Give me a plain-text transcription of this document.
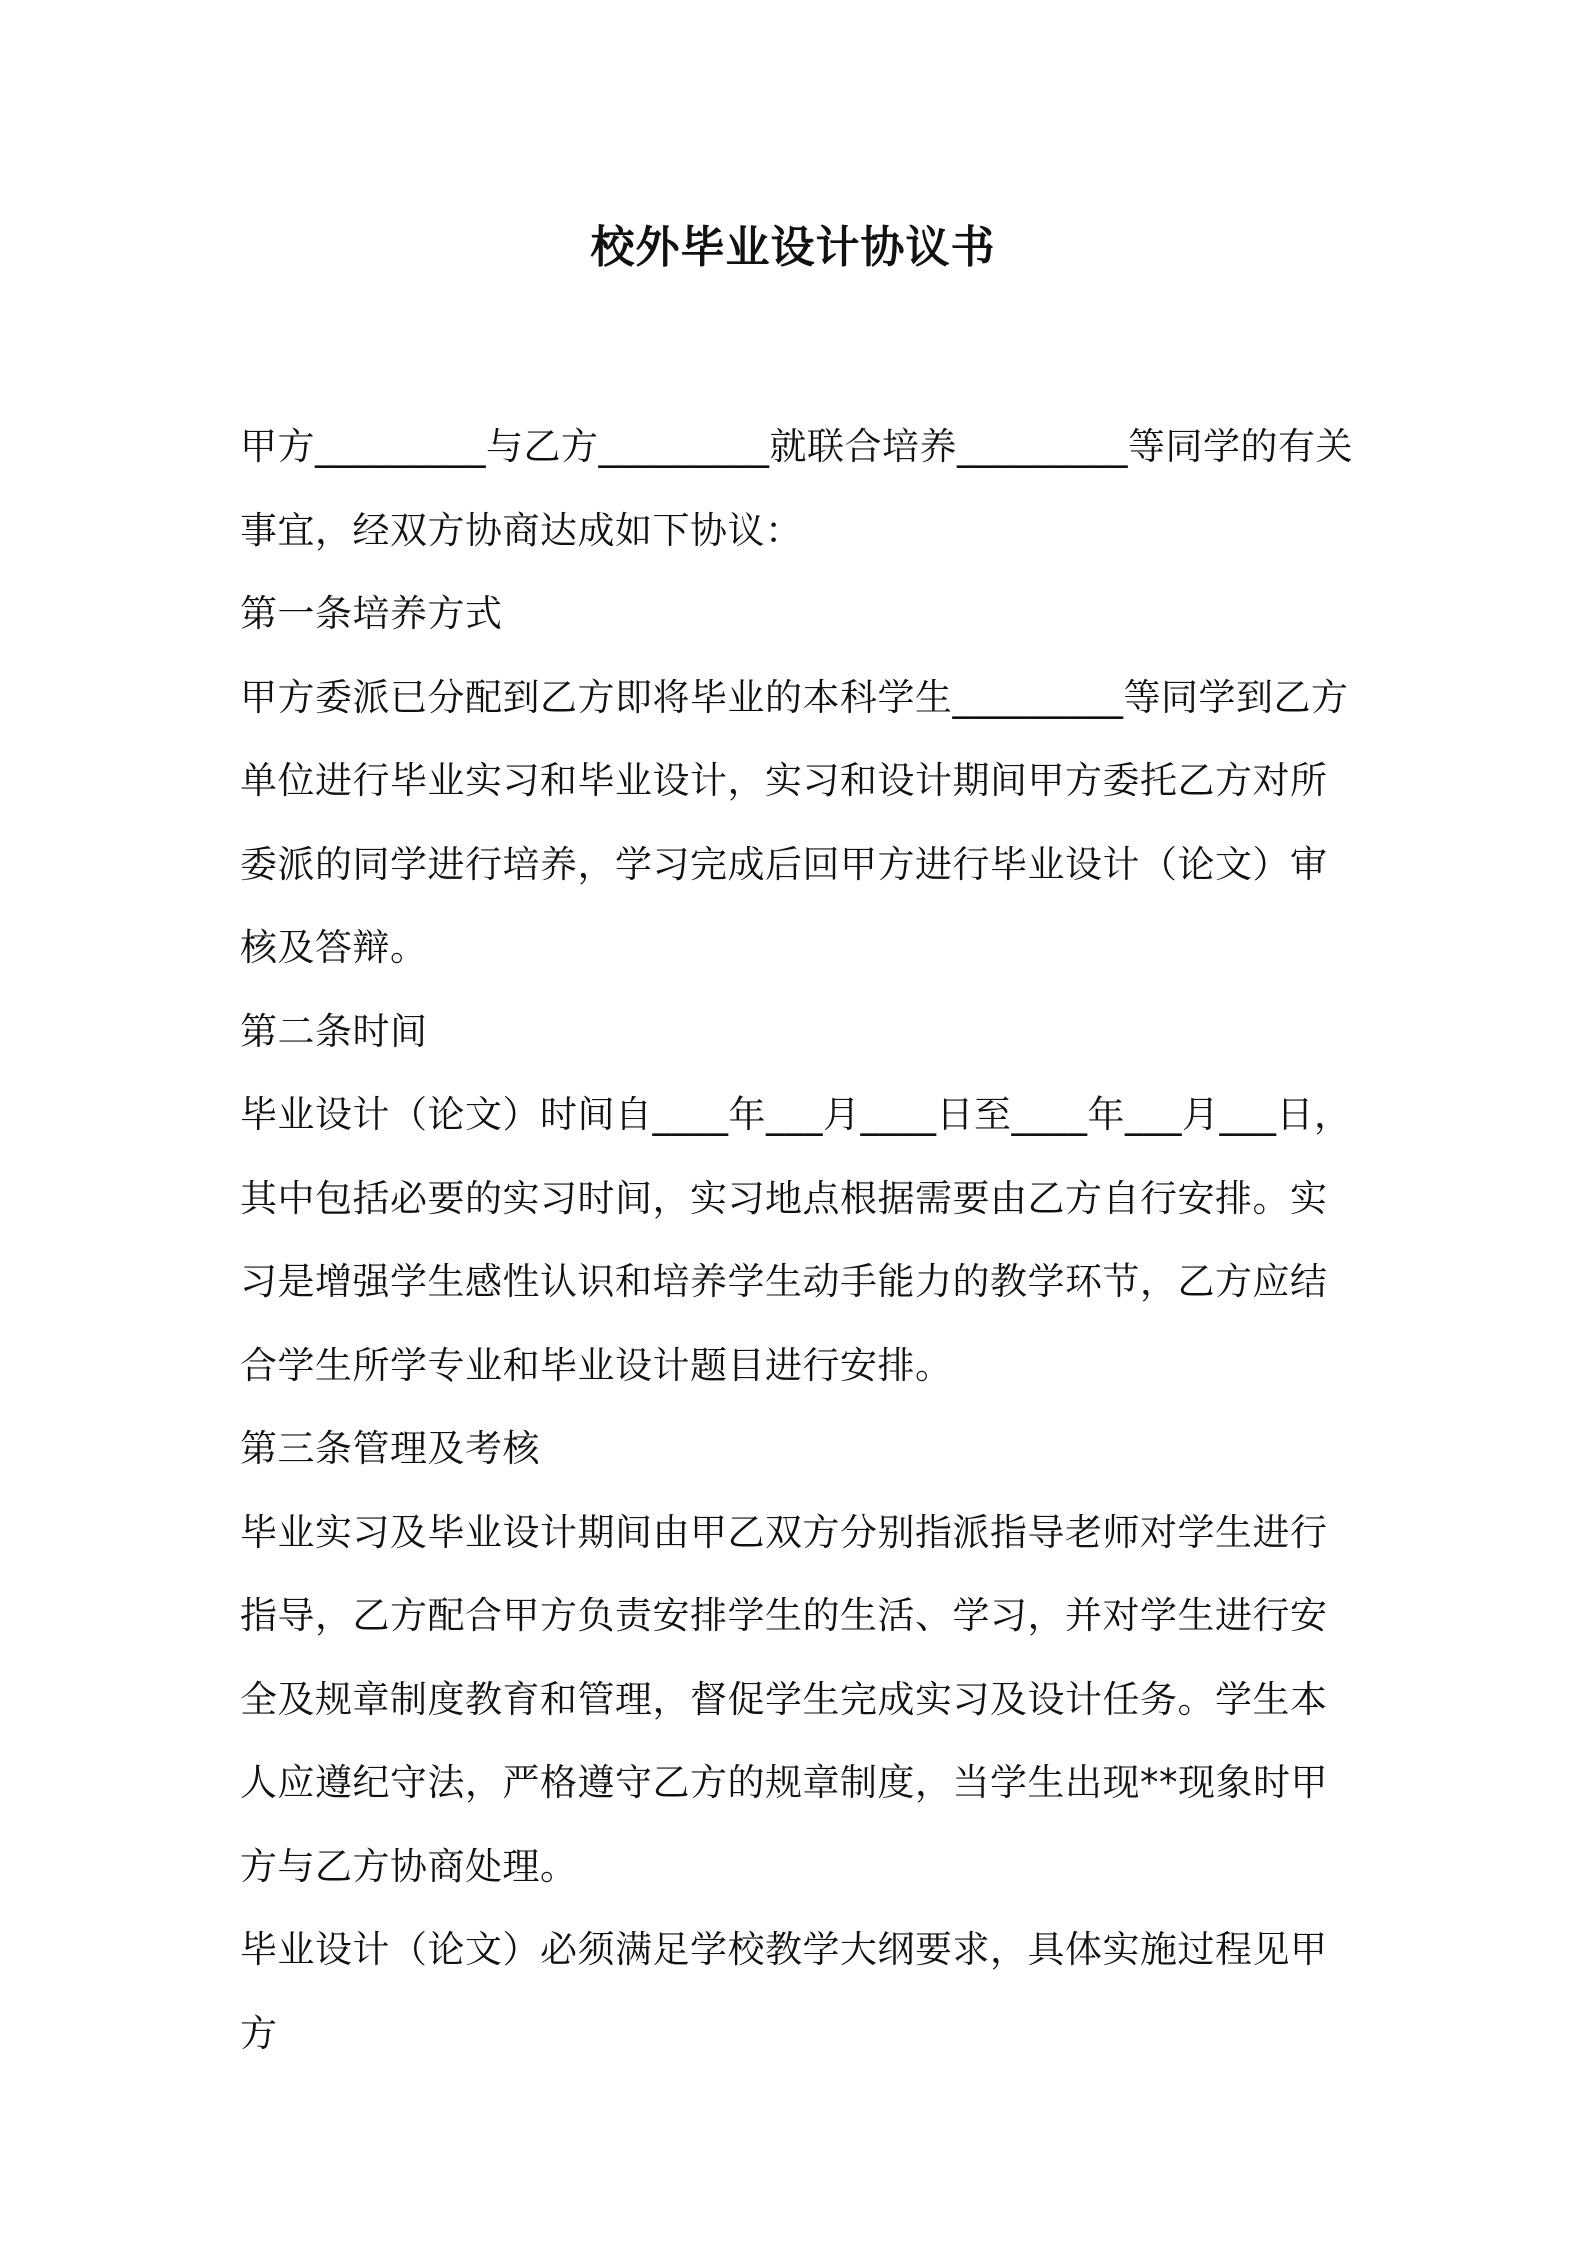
校外毕业设计协议书

甲方_________与乙方_________就联合培养_________等同学的有关事宜，经双方协商达成如下协议：

第一条培养方式

甲方委派已分配到乙方即将毕业的本科学生_________等同学到乙方单位进行毕业实习和毕业设计，实习和设计期间甲方委托乙方对所委派的同学进行培养，学习完成后回甲方进行毕业设计（论文）审核及答辩。

第二条时间

毕业设计（论文）时间自____年___月____日至____年___月___日，其中包括必要的实习时间，实习地点根据需要由乙方自行安排。实习是增强学生感性认识和培养学生动手能力的教学环节，乙方应结合学生所学专业和毕业设计题目进行安排。

第三条管理及考核

毕业实习及毕业设计期间由甲乙双方分别指派指导老师对学生进行指导，乙方配合甲方负责安排学生的生活、学习，并对学生进行安全及规章制度教育和管理，督促学生完成实习及设计任务。学生本人应遵纪守法，严格遵守乙方的规章制度，当学生出现**现象时甲方与乙方协商处理。

毕业设计（论文）必须满足学校教学大纲要求，具体实施过程见甲方
